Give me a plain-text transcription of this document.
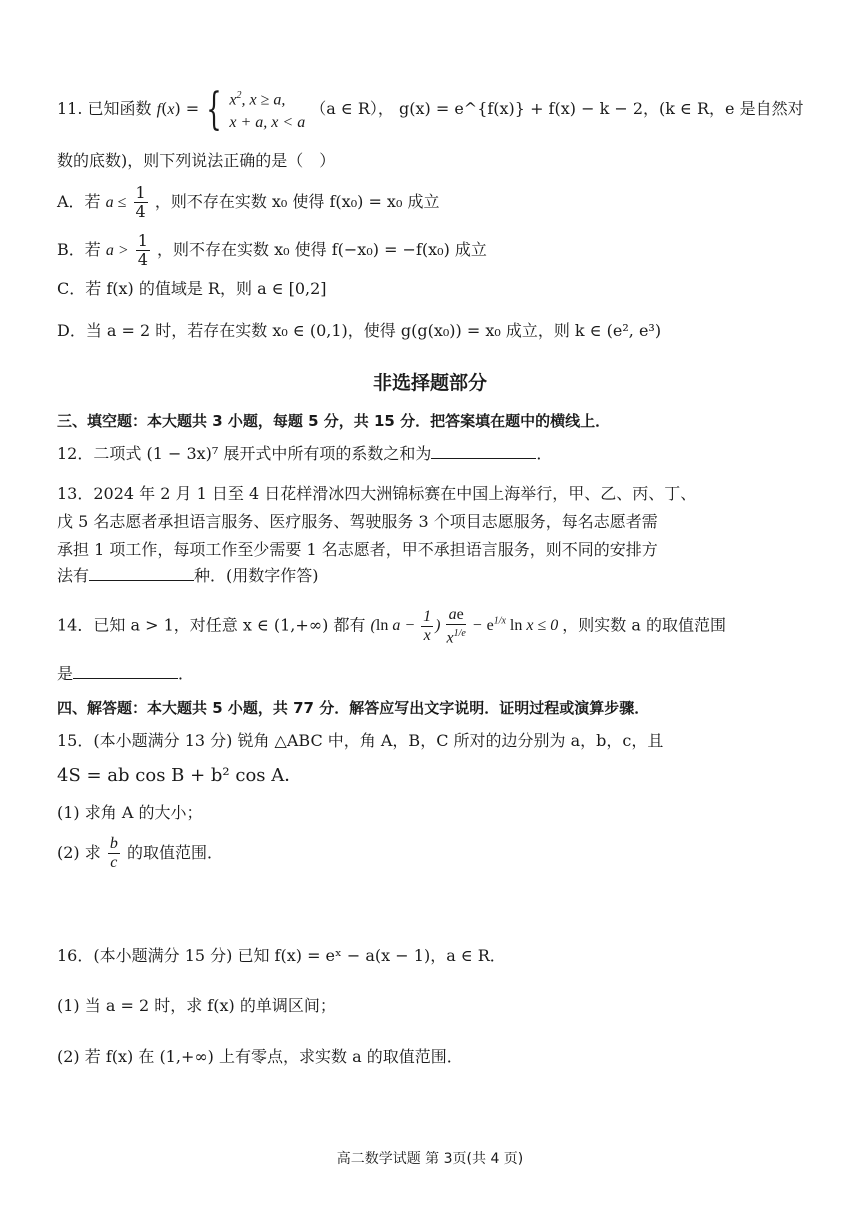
11. 已知函数 f(x) = { $x^2$, x ≥ a,
x + a, x < a
（a ∈ R）， g(x) = e^{f(x)} + f(x) − k − 2，(k ∈ R，e 是自然对
数的底数)，则下列说法正确的是（　）
A．若 $a \le \frac{1}{4}$ ，则不存在实数 x₀ 使得 f(x₀) = x₀ 成立
B．若 $a > \frac{1}{4}$ ，则不存在实数 x₀ 使得 f(−x₀) = −f(x₀) 成立
C．若 f(x) 的值域是 R，则 a ∈ [0,2]
D．当 a = 2 时，若存在实数 x₀ ∈ (0,1)，使得 g(g(x₀)) = x₀ 成立，则 k ∈ (e², e³)
非选择题部分
三、填空题：本大题共 3 小题，每题 5 分，共 15 分．把答案填在题中的横线上．
12．二项式 (1 − 3x)⁷ 展开式中所有项的系数之和为	．
13．2024 年 2 月 1 日至 4 日花样滑冰四大洲锦标赛在中国上海举行，甲、乙、丙、丁、
戊 5 名志愿者承担语言服务、医疗服务、驾驶服务 3 个项目志愿服务，每名志愿者需
承担 1 项工作，每项工作至少需要 1 名志愿者，甲不承担语言服务，则不同的安排方
法有	种．(用数字作答)
14．已知 a > 1，对任意 x ∈ (1,+∞) 都有 (ln $a - \frac{1}{x}$ ) $\frac{ae}{x^{1/e}} - e^{1/x}$ ln x ≤ 0 ，则实数 a 的取值范围
是	．
四、解答题：本大题共 5 小题，共 77 分．解答应写出文字说明．证明过程或演算步骤．
15．(本小题满分 13 分) 锐角 △ABC 中，角 A，B，C 所对的边分别为 a，b，c，且
4S = ab cos B + b² cos A．
(1) 求角 A 的大小；
(2) 求 $\frac{b}{c}$ 的取值范围．
16．(本小题满分 15 分) 已知 f(x) = eˣ − a(x − 1)，a ∈ R．
(1) 当 a = 2 时，求 f(x) 的单调区间；
(2) 若 f(x) 在 (1,+∞) 上有零点，求实数 a 的取值范围．
高二数学试题 第 3页(共 4 页)
